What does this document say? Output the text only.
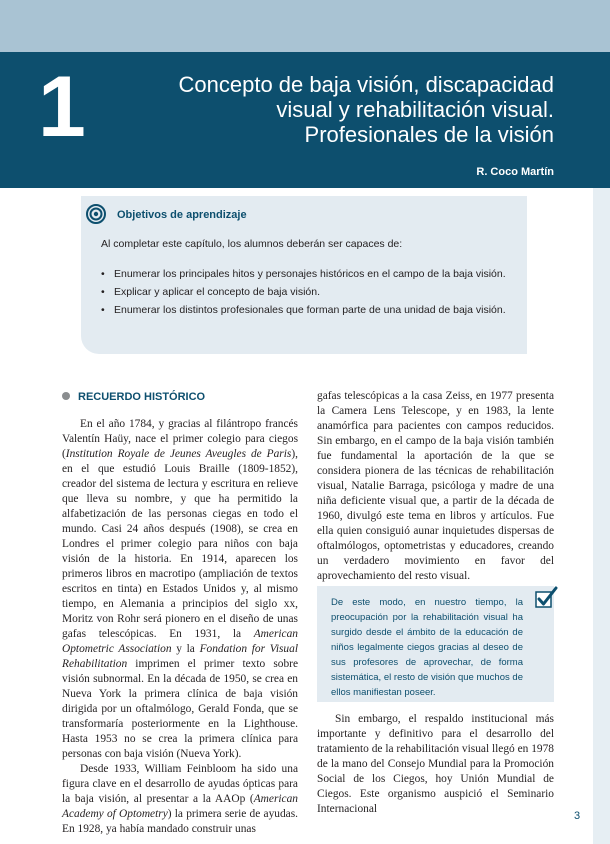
1	Concepto de baja visión, discapacidad
visual y rehabilitación visual.
Profesionales de la visión
R. Coco Martín
Objetivos de aprendizaje
Al completar este capítulo, los alumnos deberán ser capaces de:
• Enumerar los principales hitos y personajes históricos en el campo de la baja visión.
• Explicar y aplicar el concepto de baja visión.
• Enumerar los distintos profesionales que forman parte de una unidad de baja visión.
RECUERDO HISTÓRICO

En el año 1784, y gracias al filántropo francés Valentín Haüy, nace el primer colegio para ciegos (Institution Royale de Jeunes Aveugles de Paris), en el que estudió Louis Braille (1809-1852), creador del sistema de lectura y escritura en relieve que lleva su nombre, y que ha permitido la alfabetización de las personas ciegas en todo el mundo. Casi 24 años después (1908), se crea en Londres el primer colegio para niños con baja visión de la historia. En 1914, aparecen los primeros libros en macrotipo (ampliación de textos escritos en tinta) en Estados Unidos y, al mismo tiempo, en Alemania a principios del siglo xx, Moritz von Rohr será pionero en el diseño de unas gafas telescópicas. En 1931, la American Optometric Association y la Fondation for Visual Rehabilitation imprimen el primer texto sobre visión subnormal. En la década de 1950, se crea en Nueva York la primera clínica de baja visión dirigida por un oftalmólogo, Gerald Fonda, que se transformaría posteriormente en la Lighthouse. Hasta 1953 no se crea la primera clínica para personas con baja visión (Nueva York).

Desde 1933, William Feinbloom ha sido una figura clave en el desarrollo de ayudas ópticas para la baja visión, al presentar a la AAOp (American Academy of Optometry) la primera serie de ayudas. En 1928, ya había mandado construir unas

gafas telescópicas a la casa Zeiss, en 1977 presenta la Camera Lens Telescope, y en 1983, la lente anamórfica para pacientes con campos reducidos. Sin embargo, en el campo de la baja visión también fue fundamental la aportación de la que se considera pionera de las técnicas de rehabilitación visual, Natalie Barraga, psicóloga y madre de una niña deficiente visual que, a partir de la década de 1960, divulgó este tema en libros y artículos. Fue ella quien consiguió aunar inquietudes dispersas de oftalmólogos, optometristas y educadores, creando un verdadero movimiento en favor del aprovechamiento del resto visual.

De este modo, en nuestro tiempo, la preocupación por la rehabilitación visual ha surgido desde el ámbito de la educación de niños legalmente ciegos gracias al deseo de sus profesores de aprovechar, de forma sistemática, el resto de visión que muchos de ellos manifiestan poseer.

Sin embargo, el respaldo institucional más importante y definitivo para el desarrollo del tratamiento de la rehabilitación visual llegó en 1978 de la mano del Consejo Mundial para la Promoción Social de los Ciegos, hoy Unión Mundial de Ciegos. Este organismo auspició el Seminario Internacional

3
